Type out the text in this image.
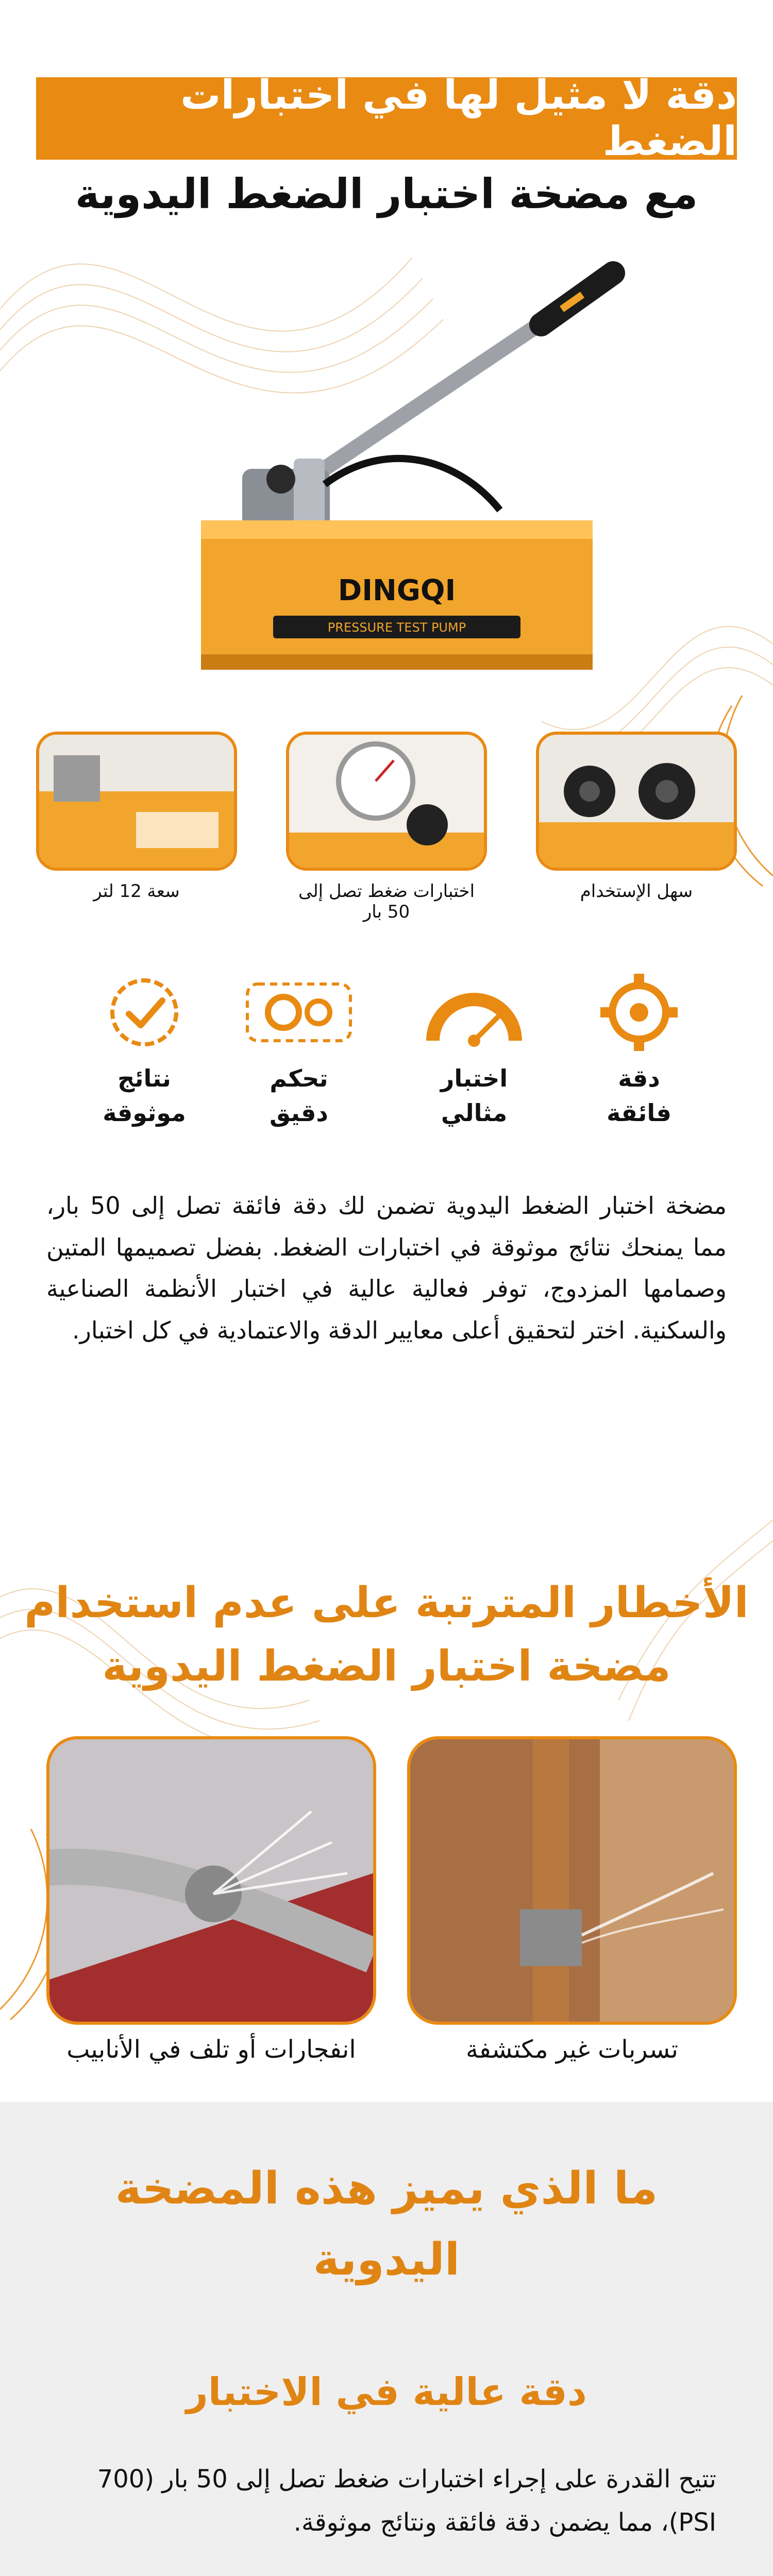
دقة لا مثيل لها في اختبارات الضغط
مع مضخة اختبار الضغط اليدوية
DINGQI
PRESSURE TEST PUMP
سهل الإستخدام
اختبارات ضغط تصل إلى 50 بار
سعة 12 لتر
دقة
فائقة
اختبار
مثالي
تحكم
دقيق
نتائج
موثوقة

مضخة اختبار الضغط اليدوية تضمن لك دقة فائقة تصل إلى 50 بار، مما يمنحك نتائج موثوقة في اختبارات الضغط. بفضل تصميمها المتين وصمامها المزدوج، توفر فعالية عالية في اختبار الأنظمة الصناعية والسكنية. اختر لتحقيق أعلى معايير الدقة والاعتمادية في كل اختبار.

الأخطار المترتبة على عدم استخدام مضخة اختبار الضغط اليدوية
تسربات غير مكتشفة
انفجارات أو تلف في الأنابيب
ما الذي يميز هذه المضخة اليدوية
دقة عالية في الاختبار

تتيح القدرة على إجراء اختبارات ضغط تصل إلى 50 بار (700 PSI)، مما يضمن دقة فائقة ونتائج موثوقة.
